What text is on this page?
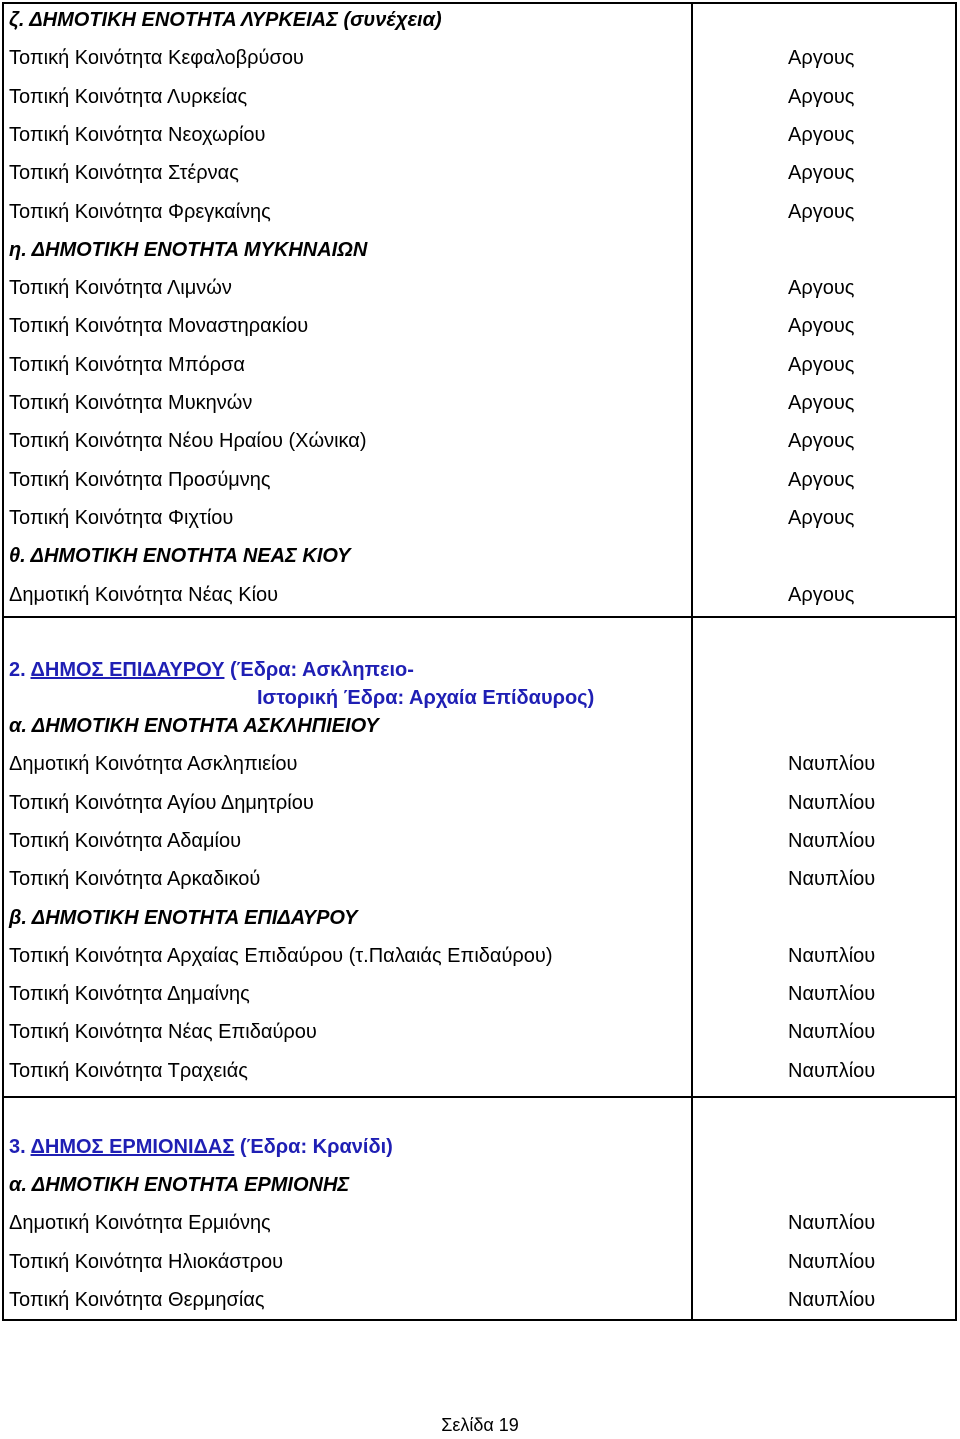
ζ. ΔΗΜΟΤΙΚΗ ΕΝΟΤΗΤΑ ΛΥΡΚΕΙΑΣ (συνέχεια)
Τοπική Κοινότητα Κεφαλοβρύσου	Αργους
Τοπική Κοινότητα Λυρκείας	Αργους
Τοπική Κοινότητα Νεοχωρίου	Αργους
Τοπική Κοινότητα Στέρνας	Αργους
Τοπική Κοινότητα Φρεγκαίνης	Αργους
η. ΔΗΜΟΤΙΚΗ ΕΝΟΤΗΤΑ ΜΥΚΗΝΑΙΩΝ
Τοπική Κοινότητα Λιμνών	Αργους
Τοπική Κοινότητα Μοναστηρακίου	Αργους
Τοπική Κοινότητα Μπόρσα	Αργους
Τοπική Κοινότητα Μυκηνών	Αργους
Τοπική Κοινότητα Νέου Ηραίου (Χώνικα)	Αργους
Τοπική Κοινότητα Προσύμνης	Αργους
Τοπική Κοινότητα Φιχτίου	Αργους
θ. ΔΗΜΟΤΙΚΗ ΕΝΟΤΗΤΑ ΝΕΑΣ ΚΙΟΥ
Δημοτική Κοινότητα Νέας Κίου	Αργους
2. ΔΗΜΟΣ ΕΠΙΔΑΥΡΟΥ (Έδρα: Ασκληπειο-
Ιστορική Έδρα: Αρχαία Επίδαυρος)
α. ΔΗΜΟΤΙΚΗ ΕΝΟΤΗΤΑ ΑΣΚΛΗΠΙΕΙΟΥ
Δημοτική Κοινότητα Ασκληπιείου	Ναυπλίου
Τοπική Κοινότητα Αγίου Δημητρίου	Ναυπλίου
Τοπική Κοινότητα Αδαμίου	Ναυπλίου
Τοπική Κοινότητα Αρκαδικού	Ναυπλίου
β. ΔΗΜΟΤΙΚΗ ΕΝΟΤΗΤΑ ΕΠΙΔΑΥΡΟΥ
Τοπική Κοινότητα Αρχαίας Επιδαύρου (τ.Παλαιάς Επιδαύρου)	Ναυπλίου
Τοπική Κοινότητα Δημαίνης	Ναυπλίου
Τοπική Κοινότητα Νέας Επιδαύρου	Ναυπλίου
Τοπική Κοινότητα Τραχειάς	Ναυπλίου
3. ΔΗΜΟΣ ΕΡΜΙΟΝΙΔΑΣ (Έδρα: Κρανίδι)
α. ΔΗΜΟΤΙΚΗ ΕΝΟΤΗΤΑ ΕΡΜΙΟΝΗΣ
Δημοτική Κοινότητα Ερμιόνης	Ναυπλίου
Τοπική Κοινότητα Ηλιοκάστρου	Ναυπλίου
Τοπική Κοινότητα Θερμησίας	Ναυπλίου
Σελίδα 19
